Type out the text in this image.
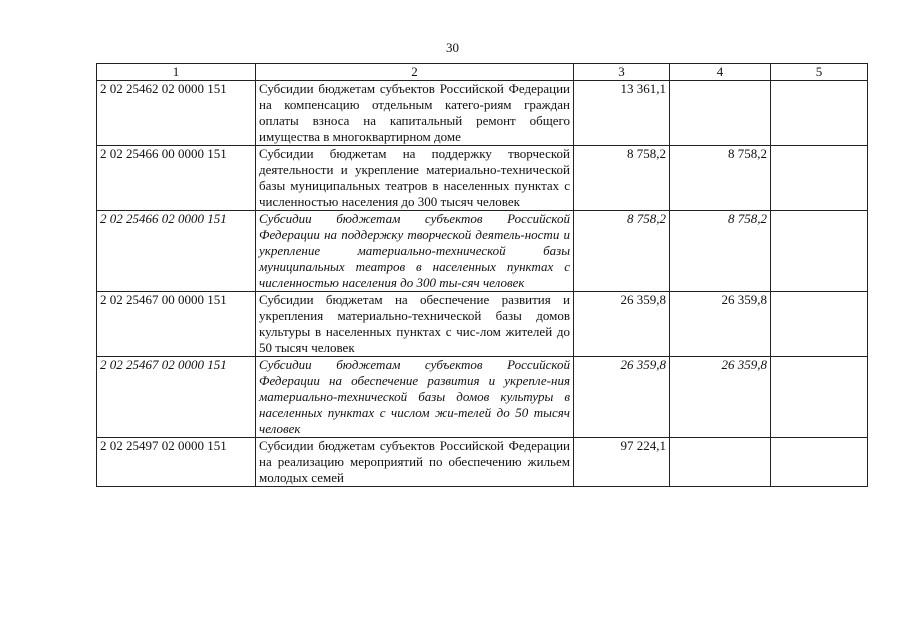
30
1	2	3	4	5
2 02 25462 02 0000 151	Субсидии бюджетам субъектов Российской Федерации на компенсацию отдельным катего-риям граждан оплаты взноса на капитальный ремонт общего имущества в многоквартирном доме	13 361,1		
2 02 25466 00 0000 151	Субсидии бюджетам на поддержку творческой деятельности и укрепление материально-технической базы муниципальных театров в населенных пунктах с численностью населения до 300 тысяч человек	8 758,2	8 758,2	
2 02 25466 02 0000 151	Субсидии бюджетам субъектов Российской Федерации на поддержку творческой деятель-ности и укрепление материально-технической базы муниципальных театров в населенных пунктах с численностью населения до 300 ты-сяч человек	8 758,2	8 758,2	
2 02 25467 00 0000 151	Субсидии бюджетам на обеспечение развития и укрепления материально-технической базы домов культуры в населенных пунктах с чис-лом жителей до 50 тысяч человек	26 359,8	26 359,8	
2 02 25467 02 0000 151	Субсидии бюджетам субъектов Российской Федерации на обеспечение развития и укрепле-ния материально-технической базы домов культуры в населенных пунктах с числом жи-телей до 50 тысяч человек	26 359,8	26 359,8	
2 02 25497 02 0000 151	Субсидии бюджетам субъектов Российской Федерации на реализацию мероприятий по обеспечению жильем молодых семей	97 224,1		
